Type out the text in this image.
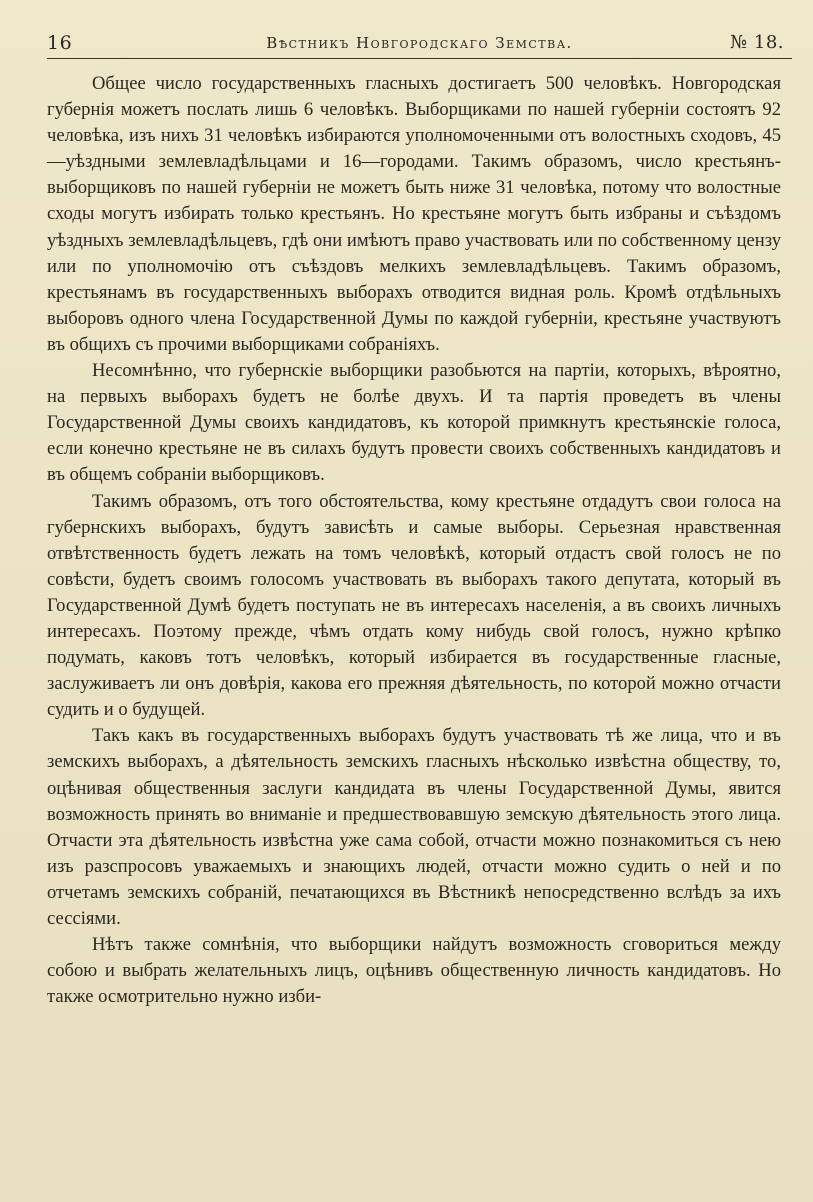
16	Вѣстникъ Новгородскаго Земства.	№ 18.

Общее число государственныхъ гласныхъ достигаетъ 500 человѣкъ. Новгородская губернія можетъ послать лишь 6 человѣкъ. Выборщиками по нашей губерніи состоятъ 92 человѣка, изъ нихъ 31 человѣкъ избираются уполномоченными отъ волостныхъ сходовъ, 45—уѣздными землевладѣльцами и 16—городами. Такимъ образомъ, число крестьянъ-выборщиковъ по нашей губерніи не можетъ быть ниже 31 человѣка, потому что волостные сходы могутъ избирать только крестьянъ. Но крестьяне могутъ быть избраны и съѣздомъ уѣздныхъ землевладѣльцевъ, гдѣ они имѣютъ право участвовать или по собственному цензу или по уполномочію отъ съѣздовъ мелкихъ землевладѣльцевъ. Такимъ образомъ, крестьянамъ въ государственныхъ выборахъ отводится видная роль. Кромѣ отдѣльныхъ выборовъ одного члена Государственной Думы по каждой губерніи, крестьяне участвуютъ въ общихъ съ прочими выборщиками собраніяхъ.

Несомнѣнно, что губернскіе выборщики разобьются на партіи, которыхъ, вѣроятно, на первыхъ выборахъ будетъ не болѣе двухъ. И та партія проведетъ въ члены Государственной Думы своихъ кандидатовъ, къ которой примкнутъ крестьянскіе голоса, если конечно крестьяне не въ силахъ будутъ провести своихъ собственныхъ кандидатовъ и въ общемъ собраніи выборщиковъ.

Такимъ образомъ, отъ того обстоятельства, кому крестьяне отдадутъ свои голоса на губернскихъ выборахъ, будутъ зависѣть и самые выборы. Серьезная нравственная отвѣтственность будетъ лежать на томъ человѣкѣ, который отдастъ свой голосъ не по совѣсти, будетъ своимъ голосомъ участвовать въ выборахъ такого депутата, который въ Государственной Думѣ будетъ поступать не въ интересахъ населенія, а въ своихъ личныхъ интересахъ. Поэтому прежде, чѣмъ отдать кому нибудь свой голосъ, нужно крѣпко подумать, каковъ тотъ человѣкъ, который избирается въ государственные гласные, заслуживаетъ ли онъ довѣрія, какова его прежняя дѣятельность, по которой можно отчасти судить и о будущей.

Такъ какъ въ государственныхъ выборахъ будутъ участвовать тѣ же лица, что и въ земскихъ выборахъ, а дѣятельность земскихъ гласныхъ нѣсколько извѣстна обществу, то, оцѣнивая общественныя заслуги кандидата въ члены Государственной Думы, явится возможность принять во вниманіе и предшествовавшую земскую дѣятельность этого лица. Отчасти эта дѣятельность извѣстна уже сама собой, отчасти можно познакомиться съ нею изъ разспросовъ уважаемыхъ и знающихъ людей, отчасти можно судить о ней и по отчетамъ земскихъ собраній, печатающихся въ Вѣстникѣ непосредственно вслѣдъ за ихъ сессіями.

Нѣтъ также сомнѣнія, что выборщики найдутъ возможность сговориться между собою и выбрать желательныхъ лицъ, оцѣнивъ общественную личность кандидатовъ. Но также осмотрительно нужно изби-
